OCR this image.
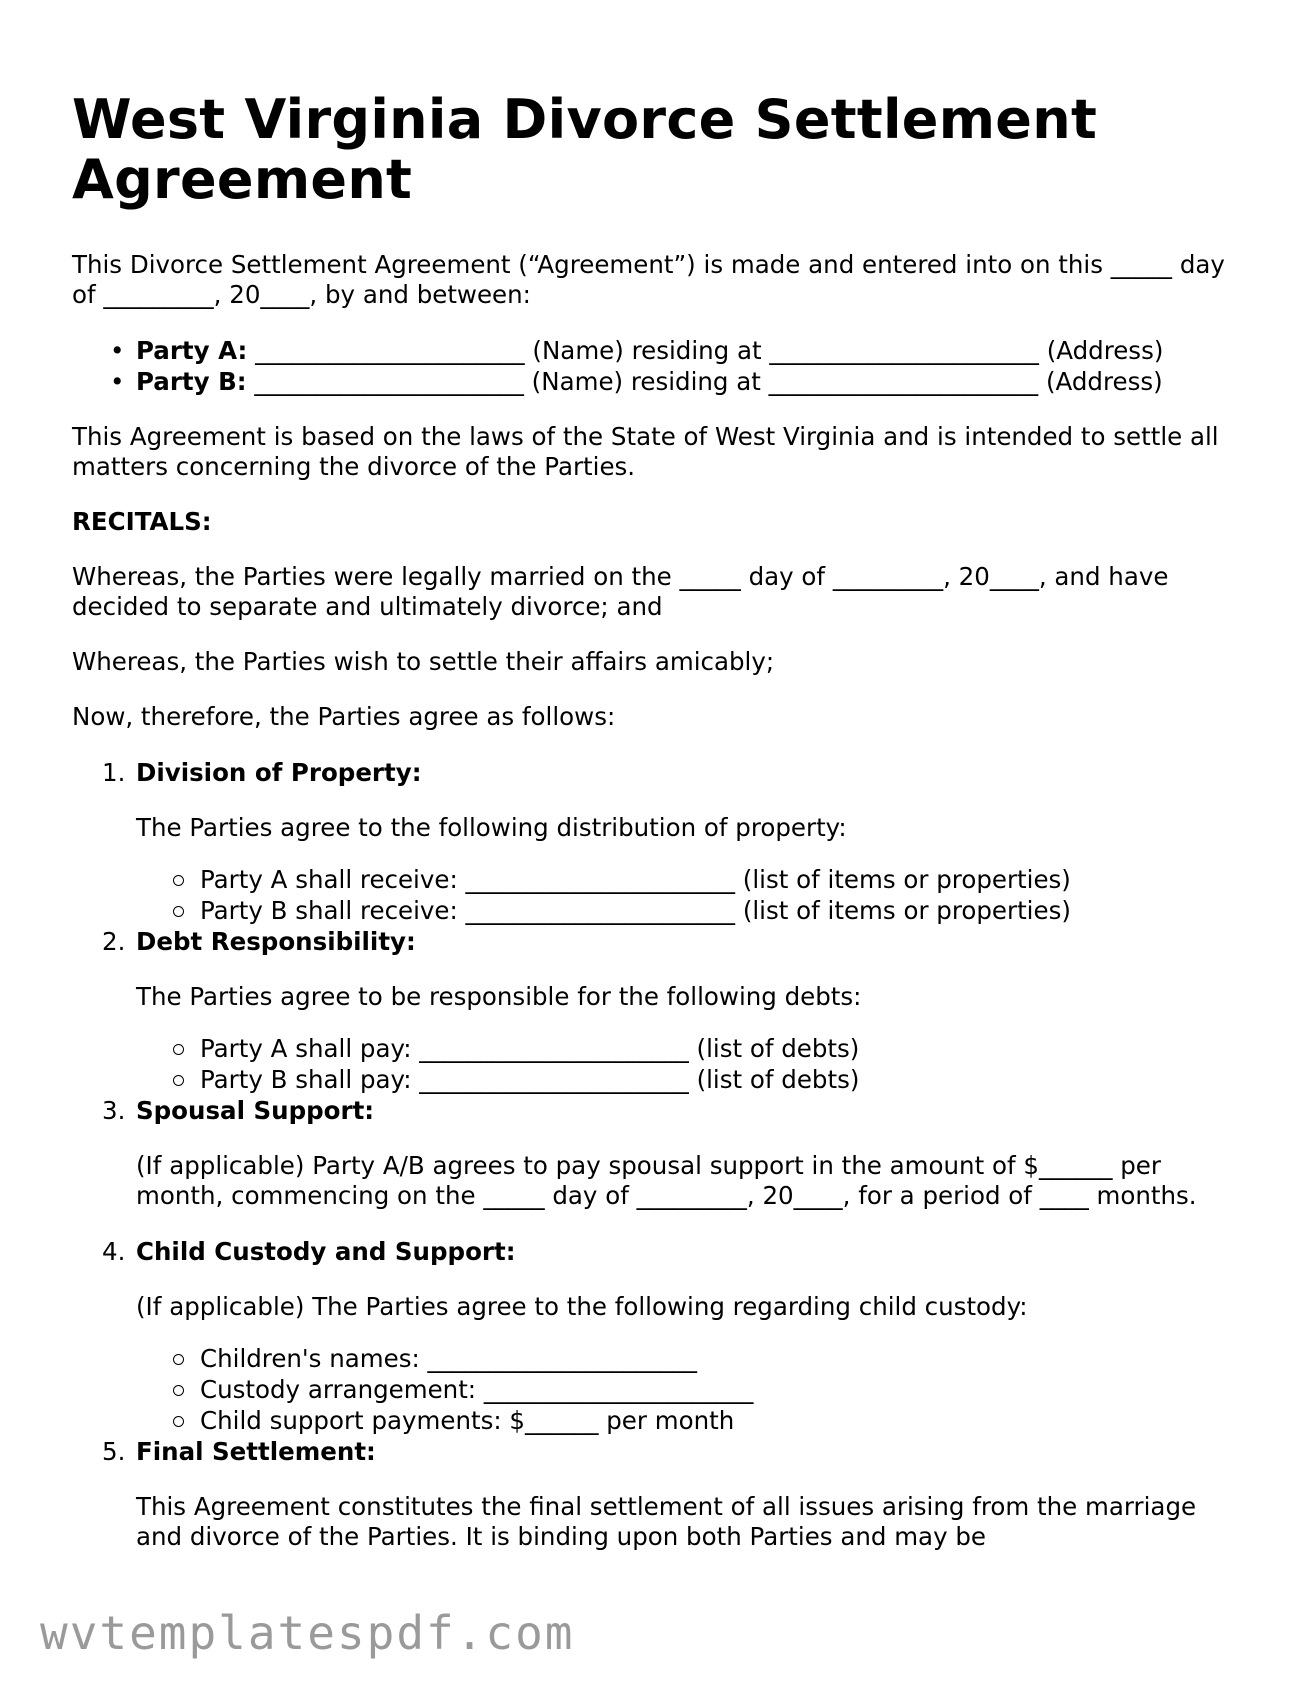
West Virginia Divorce Settlement Agreement

This Divorce Settlement Agreement (“Agreement”) is made and entered into on this _____ day of _________, 20____, by and between:

• Party A: ______________________ (Name) residing at ______________________ (Address)
• Party B: ______________________ (Name) residing at ______________________ (Address)

This Agreement is based on the laws of the State of West Virginia and is intended to settle all matters concerning the divorce of the Parties.

RECITALS:

Whereas, the Parties were legally married on the _____ day of _________, 20____, and have decided to separate and ultimately divorce; and

Whereas, the Parties wish to settle their affairs amicably;

Now, therefore, the Parties agree as follows:

1. Division of Property:
The Parties agree to the following distribution of property:
Party A shall receive: ______________________ (list of items or properties)
Party B shall receive: ______________________ (list of items or properties)
2. Debt Responsibility:
The Parties agree to be responsible for the following debts:
Party A shall pay: ______________________ (list of debts)
Party B shall pay: ______________________ (list of debts)
3. Spousal Support:
(If applicable) Party A/B agrees to pay spousal support in the amount of $______ per month, commencing on the _____ day of _________, 20____, for a period of ____ months.
4. Child Custody and Support:
(If applicable) The Parties agree to the following regarding child custody:
Children's names: ______________________
Custody arrangement: ______________________
Child support payments: $______ per month
5. Final Settlement:
This Agreement constitutes the final settlement of all issues arising from the marriage and divorce of the Parties. It is binding upon both Parties and may be
wvtemplatespdf.com
